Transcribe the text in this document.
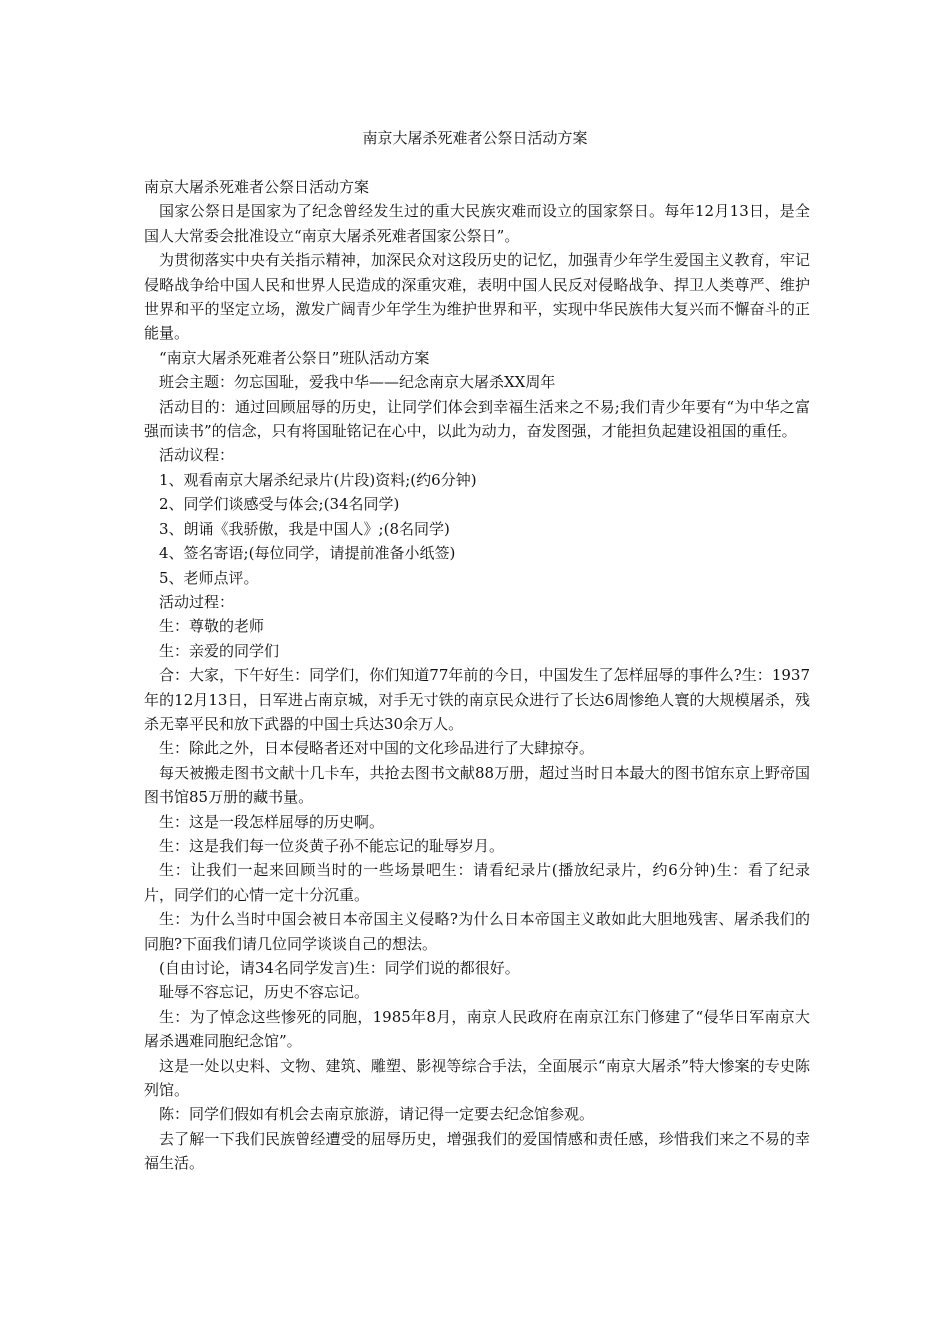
南京大屠杀死难者公祭日活动方案

南京大屠杀死难者公祭日活动方案

国家公祭日是国家为了纪念曾经发生过的重大民族灾难而设立的国家祭日。每年12月13日，是全国人大常委会批准设立“南京大屠杀死难者国家公祭日”。

为贯彻落实中央有关指示精神，加深民众对这段历史的记忆，加强青少年学生爱国主义教育，牢记侵略战争给中国人民和世界人民造成的深重灾难，表明中国人民反对侵略战争、捍卫人类尊严、维护世界和平的坚定立场，激发广阔青少年学生为维护世界和平，实现中华民族伟大复兴而不懈奋斗的正能量。

“南京大屠杀死难者公祭日”班队活动方案

班会主题：勿忘国耻，爱我中华——纪念南京大屠杀XX周年

活动目的：通过回顾屈辱的历史，让同学们体会到幸福生活来之不易;我们青少年要有“为中华之富强而读书”的信念，只有将国耻铭记在心中，以此为动力，奋发图强，才能担负起建设祖国的重任。

活动议程：

1、观看南京大屠杀纪录片(片段)资料;(约6分钟)

2、同学们谈感受与体会;(34名同学)

3、朗诵《我骄傲，我是中国人》;(8名同学)

4、签名寄语;(每位同学，请提前准备小纸签)

5、老师点评。

活动过程：

生：尊敬的老师

生：亲爱的同学们

合：大家，下午好生：同学们，你们知道77年前的今日，中国发生了怎样屈辱的事件么?生：1937年的12月13日，日军进占南京城，对手无寸铁的南京民众进行了长达6周惨绝人寰的大规模屠杀，残杀无辜平民和放下武器的中国士兵达30余万人。

生：除此之外，日本侵略者还对中国的文化珍品进行了大肆掠夺。

每天被搬走图书文献十几卡车，共抢去图书文献88万册，超过当时日本最大的图书馆东京上野帝国图书馆85万册的藏书量。

生：这是一段怎样屈辱的历史啊。

生：这是我们每一位炎黄子孙不能忘记的耻辱岁月。

生：让我们一起来回顾当时的一些场景吧生：请看纪录片(播放纪录片，约6分钟)生：看了纪录片，同学们的心情一定十分沉重。

生：为什么当时中国会被日本帝国主义侵略?为什么日本帝国主义敢如此大胆地残害、屠杀我们的同胞?下面我们请几位同学谈谈自己的想法。

(自由讨论，请34名同学发言)生：同学们说的都很好。

耻辱不容忘记，历史不容忘记。

生：为了悼念这些惨死的同胞，1985年8月，南京人民政府在南京江东门修建了“侵华日军南京大屠杀遇难同胞纪念馆”。

这是一处以史料、文物、建筑、雕塑、影视等综合手法，全面展示“南京大屠杀”特大惨案的专史陈列馆。

陈：同学们假如有机会去南京旅游，请记得一定要去纪念馆参观。

去了解一下我们民族曾经遭受的屈辱历史，增强我们的爱国情感和责任感，珍惜我们来之不易的幸福生活。
